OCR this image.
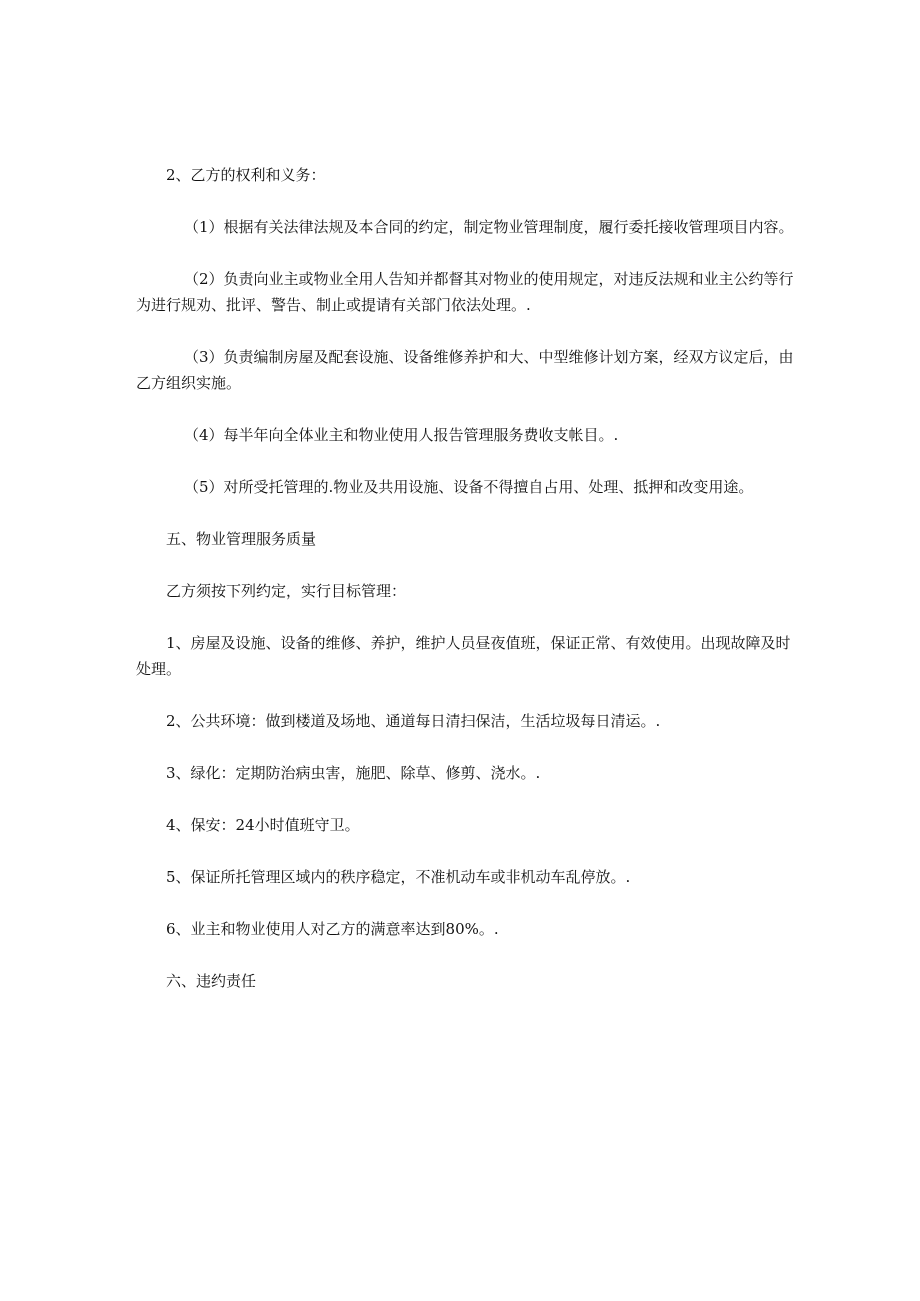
2、乙方的权利和义务：

（1）根据有关法律法规及本合同的约定，制定物业管理制度，履行委托接收管理项目内容。

（2）负责向业主或物业全用人告知并都督其对物业的使用规定，对违反法规和业主公约等行为进行规劝、批评、警告、制止或提请有关部门依法处理。.

（3）负责编制房屋及配套设施、设备维修养护和大、中型维修计划方案，经双方议定后，由乙方组织实施。

（4）每半年向全体业主和物业使用人报告管理服务费收支帐目。.

（5）对所受托管理的.物业及共用设施、设备不得擅自占用、处理、抵押和改变用途。

五、物业管理服务质量

乙方须按下列约定，实行目标管理：

1、房屋及设施、设备的维修、养护，维护人员昼夜值班，保证正常、有效使用。出现故障及时处理。

2、公共环境：做到楼道及场地、通道每日清扫保洁，生活垃圾每日清运。.

3、绿化：定期防治病虫害，施肥、除草、修剪、浇水。.

4、保安：24小时值班守卫。

5、保证所托管理区域内的秩序稳定，不准机动车或非机动车乱停放。.

6、业主和物业使用人对乙方的满意率达到80%。.

六、违约责任
